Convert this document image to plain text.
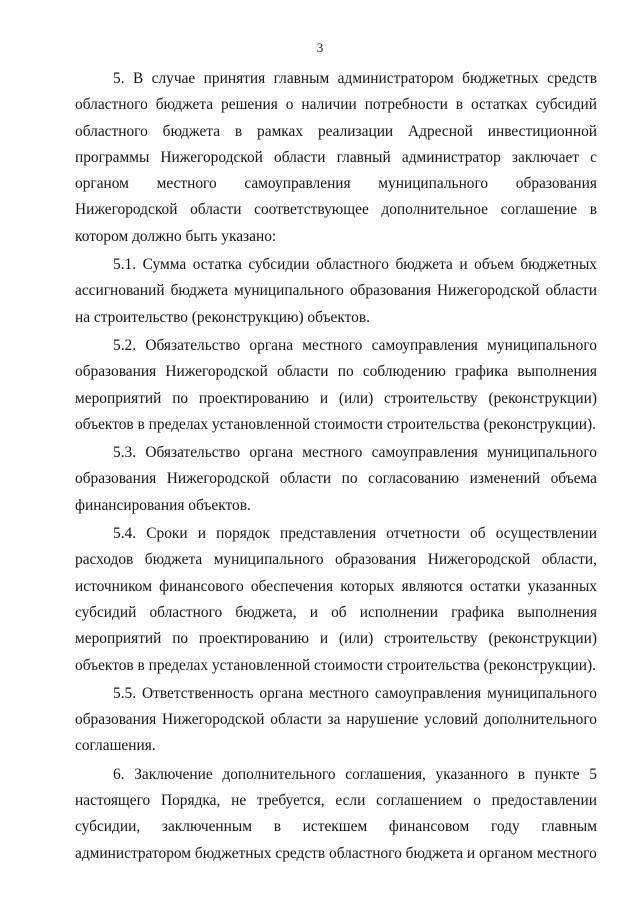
3

5. В случае принятия главным администратором бюджетных средств областного бюджета решения о наличии потребности в остатках субсидий областного бюджета в рамках реализации Адресной инвестиционной программы Нижегородской области главный администратор заключает с органом местного самоуправления муниципального образования Нижегородской области соответствующее дополнительное соглашение в котором должно быть указано:

5.1. Сумма остатка субсидии областного бюджета и объем бюджетных ассигнований бюджета муниципального образования Нижегородской области на строительство (реконструкцию) объектов.

5.2. Обязательство органа местного самоуправления муниципального образования Нижегородской области по соблюдению графика выполнения мероприятий по проектированию и (или) строительству (реконструкции) объектов в пределах установленной стоимости строительства (реконструкции).

5.3. Обязательство органа местного самоуправления муниципального образования Нижегородской области по согласованию изменений объема финансирования объектов.

5.4. Сроки и порядок представления отчетности об осуществлении расходов бюджета муниципального образования Нижегородской области, источником финансового обеспечения которых являются остатки указанных субсидий областного бюджета, и об исполнении графика выполнения мероприятий по проектированию и (или) строительству (реконструкции) объектов в пределах установленной стоимости строительства (реконструкции).

5.5. Ответственность органа местного самоуправления муниципального образования Нижегородской области за нарушение условий дополнительного соглашения.

6. Заключение дополнительного соглашения, указанного в пункте 5 настоящего Порядка, не требуется, если соглашением о предоставлении субсидии, заключенным в истекшем финансовом году главным администратором бюджетных средств областного бюджета и органом местного
